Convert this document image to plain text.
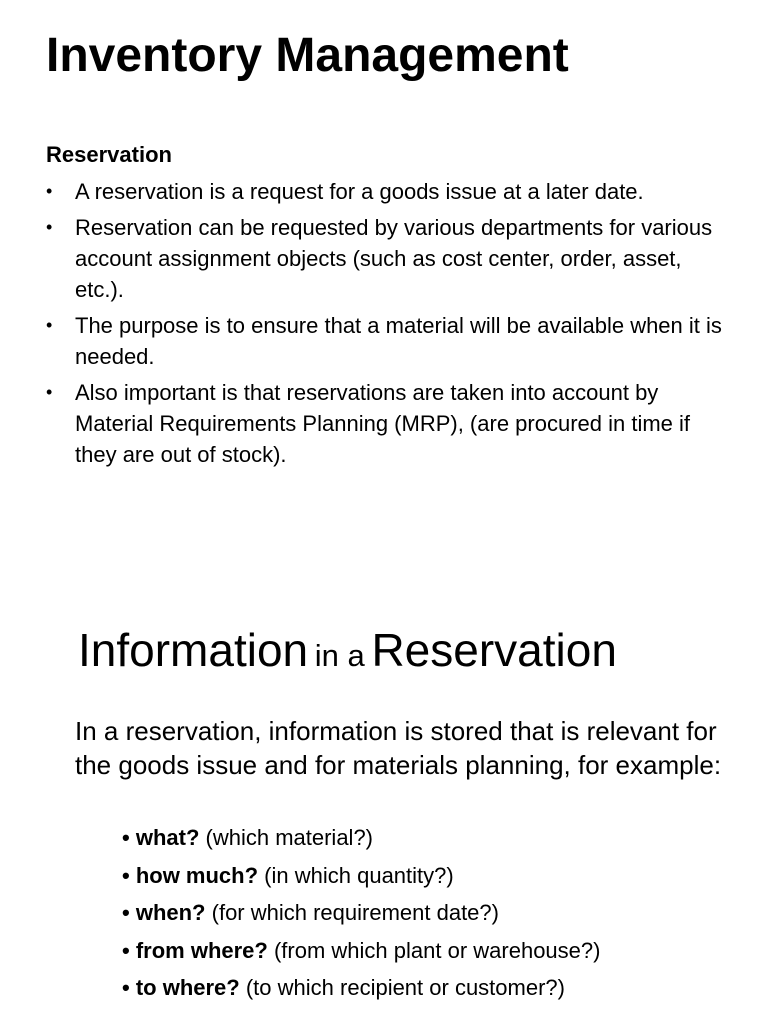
Inventory Management
Reservation
• A reservation is a request for a goods issue at a later date.
• Reservation can be requested by various departments for various account assignment objects (such as cost center, order, asset, etc.).
• The purpose is to ensure that a material will be available when it is needed.
• Also important is that reservations are taken into account by Material Requirements Planning (MRP), (are procured in time if they are out of stock).
Information in a Reservation

In a reservation, information is stored that is relevant for the goods issue and for materials planning, for example:

• what? (which material?)
• how much? (in which quantity?)
• when? (for which requirement date?)
• from where? (from which plant or warehouse?)
• to where? (to which recipient or customer?)
